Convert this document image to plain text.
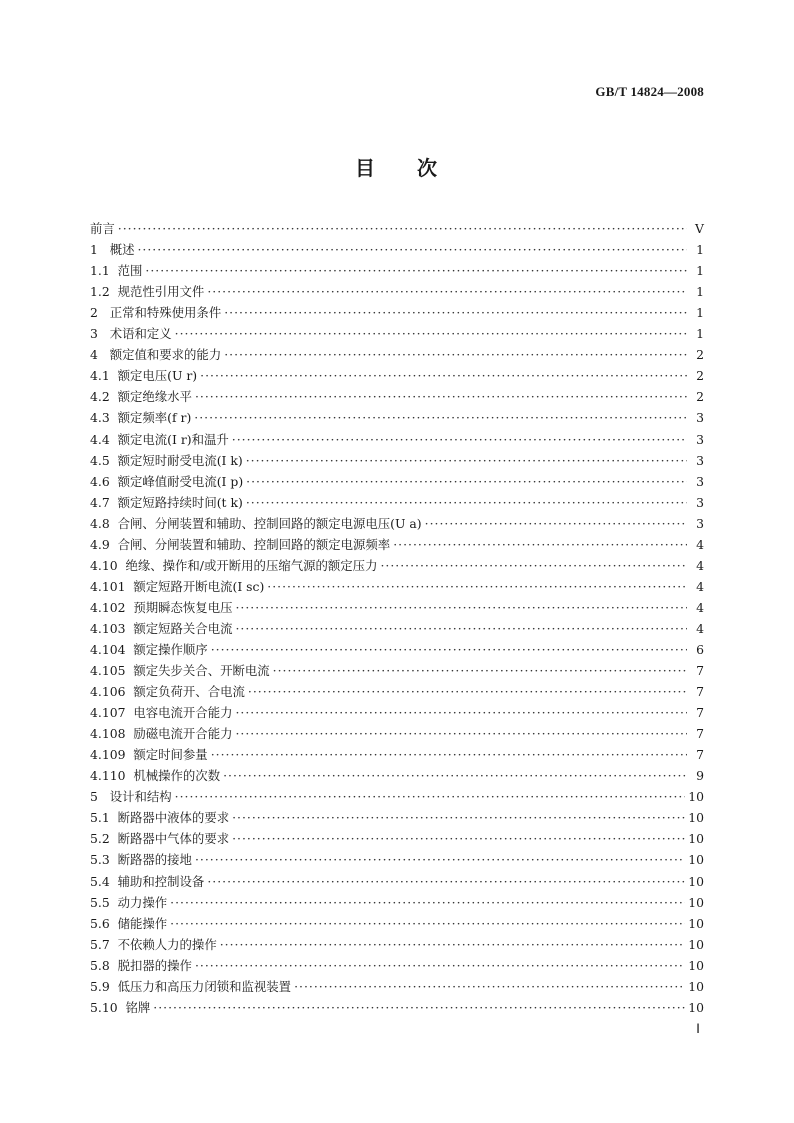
GB/T 14824—2008
目 次
前言 ·····	Ⅴ
1 概述 ·····	1
1.1 范围 ·····	1
1.2 规范性引用文件 ·····	1
2 正常和特殊使用条件 ·····	1
3 术语和定义 ·····	1
4 额定值和要求的能力 ·····	2
4.1 额定电压(U r) ·····	2
4.2 额定绝缘水平 ·····	2
4.3 额定频率(f r) ·····	3
4.4 额定电流(I r)和温升 ·····	3
4.5 额定短时耐受电流(I k) ·····	3
4.6 额定峰值耐受电流(I p) ·····	3
4.7 额定短路持续时间(t k) ·····	3
4.8 合闸、分闸装置和辅助、控制回路的额定电源电压(U a) ·····	3
4.9 合闸、分闸装置和辅助、控制回路的额定电源频率 ·····	4
4.10 绝缘、操作和/或开断用的压缩气源的额定压力 ·····	4
4.101 额定短路开断电流(I sc) ·····	4
4.102 预期瞬态恢复电压 ·····	4
4.103 额定短路关合电流 ·····	4
4.104 额定操作顺序 ·····	6
4.105 额定失步关合、开断电流 ·····	7
4.106 额定负荷开、合电流 ·····	7
4.107 电容电流开合能力 ·····	7
4.108 励磁电流开合能力 ·····	7
4.109 额定时间参量 ·····	7
4.110 机械操作的次数 ·····	9
5 设计和结构 ·····	10
5.1 断路器中液体的要求 ·····	10
5.2 断路器中气体的要求 ·····	10
5.3 断路器的接地 ·····	10
5.4 辅助和控制设备 ·····	10
5.5 动力操作 ·····	10
5.6 储能操作 ·····	10
5.7 不依赖人力的操作 ·····	10
5.8 脱扣器的操作 ·····	10
5.9 低压力和高压力闭锁和监视装置 ·····	10
5.10 铭牌 ·····	10
Ⅰ
